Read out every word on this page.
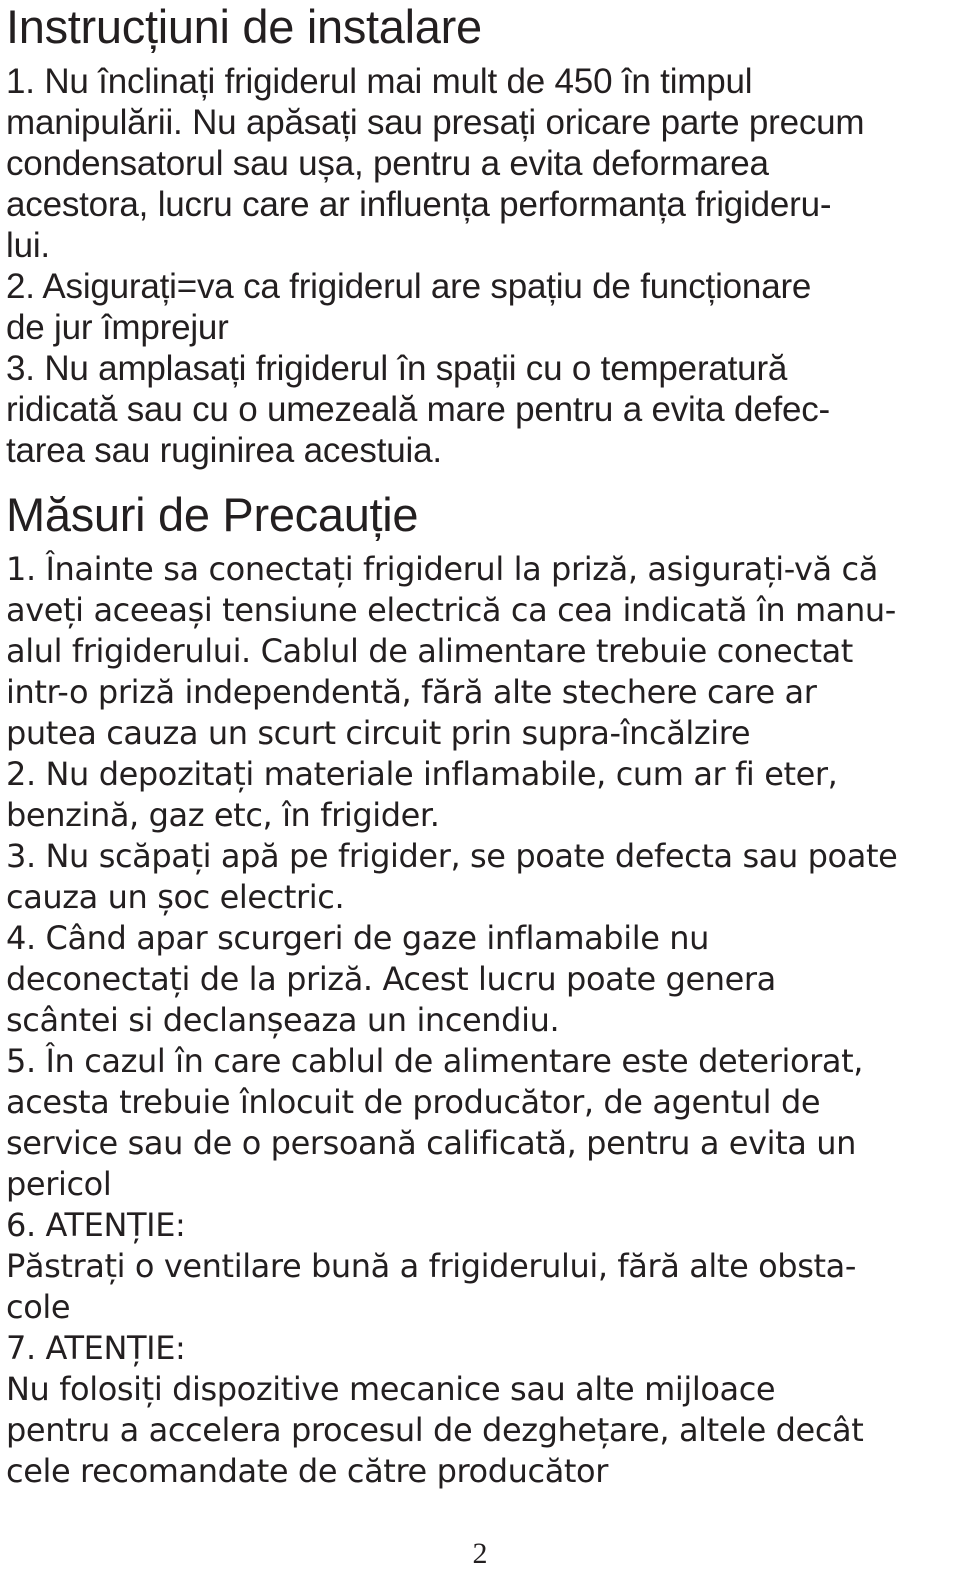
Instrucțiuni de instalare
1. Nu înclinați frigiderul mai mult de 450 în timpul
manipulării. Nu apăsați sau presați oricare parte precum
condensatorul sau ușa, pentru a evita deformarea
acestora, lucru care ar influența performanța frigideru-
lui.
2. Asigurați=va ca frigiderul are spațiu de funcționare
de jur împrejur
3. Nu amplasați frigiderul în spații cu o temperatură
ridicată sau cu o umezeală mare pentru a evita defec-
tarea sau ruginirea acestuia.
Măsuri de Precauție
1. Înainte sa conectați frigiderul la priză, asigurați-vă că
aveți aceeași tensiune electrică ca cea indicată în manu-
alul frigiderului. Cablul de alimentare trebuie conectat
intr-o priză independentă, fără alte stechere care ar
putea cauza un scurt circuit prin supra-încălzire
2. Nu depozitați materiale inflamabile, cum ar fi eter,
benzină, gaz etc, în frigider.
3. Nu scăpați apă pe frigider, se poate defecta sau poate
cauza un șoc electric.
4. Când apar scurgeri de gaze inflamabile nu
deconectați de la priză. Acest lucru poate genera
scântei si declanșeaza un incendiu.
5. În cazul în care cablul de alimentare este deteriorat,
acesta trebuie înlocuit de producător, de agentul de
service sau de o persoană calificată, pentru a evita un
pericol
6. ATENȚIE:
Păstrați o ventilare bună a frigiderului, fără alte obsta-
cole
7. ATENȚIE:
Nu folosiți dispozitive mecanice sau alte mijloace
pentru a accelera procesul de dezghețare, altele decât
cele recomandate de către producător
2
